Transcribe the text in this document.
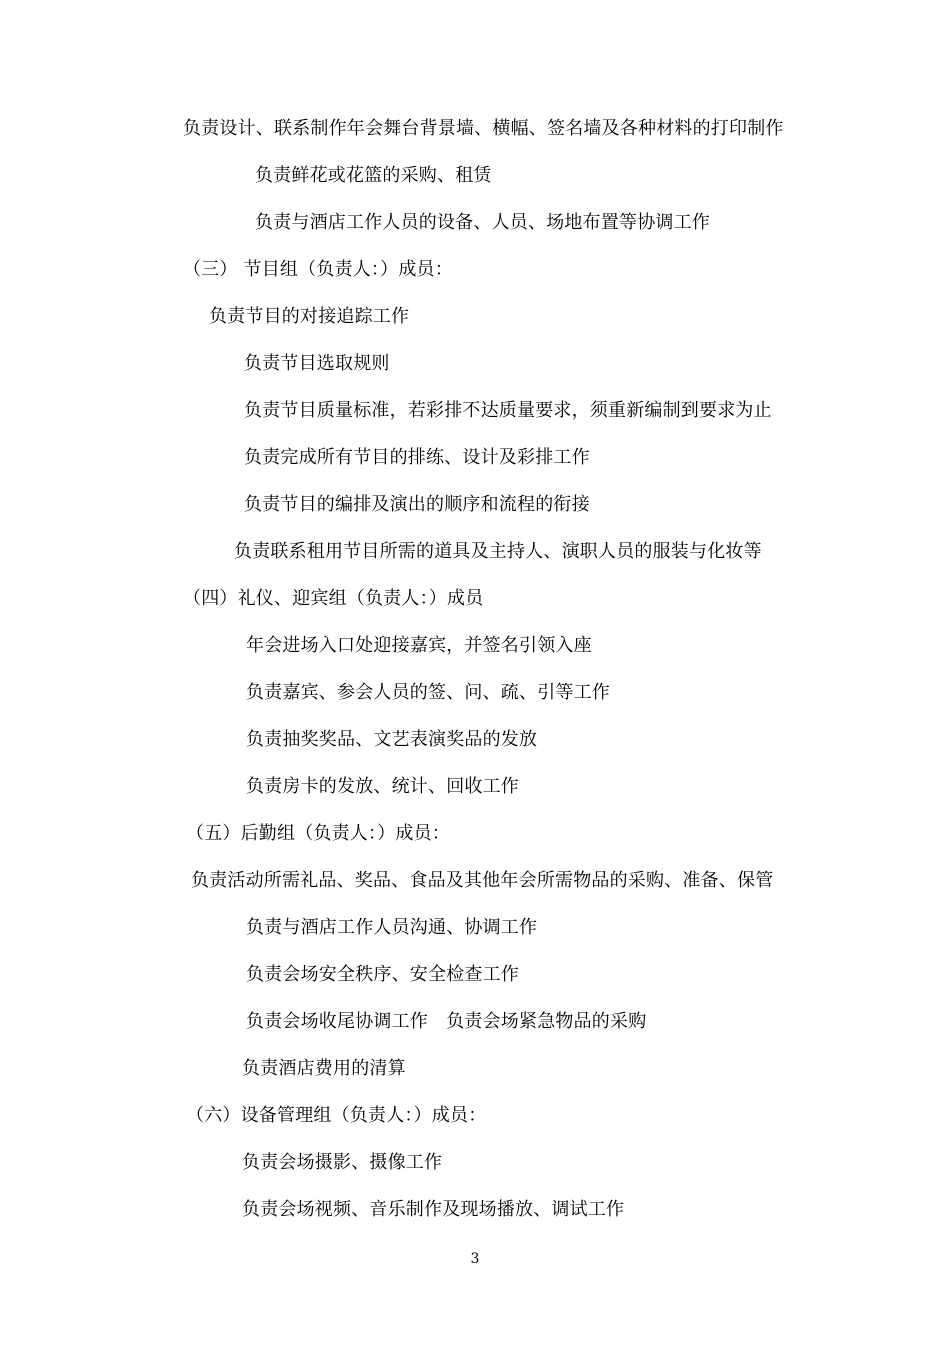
负责设计、联系制作年会舞台背景墙、横幅、签名墙及各种材料的打印制作
负责鲜花或花篮的采购、租赁
负责与酒店工作人员的设备、人员、场地布置等协调工作
（三） 节目组（负责人：）成员：
负责节目的对接追踪工作
负责节目选取规则
负责节目质量标准，若彩排不达质量要求，须重新编制到要求为止
负责完成所有节目的排练、设计及彩排工作
负责节目的编排及演出的顺序和流程的衔接
负责联系租用节目所需的道具及主持人、演职人员的服装与化妆等
（四）礼仪、迎宾组（负责人：）成员
年会进场入口处迎接嘉宾，并签名引领入座
负责嘉宾、参会人员的签、问、疏、引等工作
负责抽奖奖品、文艺表演奖品的发放
负责房卡的发放、统计、回收工作
（五）后勤组（负责人：）成员：
负责活动所需礼品、奖品、食品及其他年会所需物品的采购、准备、保管
负责与酒店工作人员沟通、协调工作
负责会场安全秩序、安全检查工作
负责会场收尾协调工作　负责会场紧急物品的采购
负责酒店费用的清算
（六）设备管理组（负责人：）成员：
负责会场摄影、摄像工作
负责会场视频、音乐制作及现场播放、调试工作
3
